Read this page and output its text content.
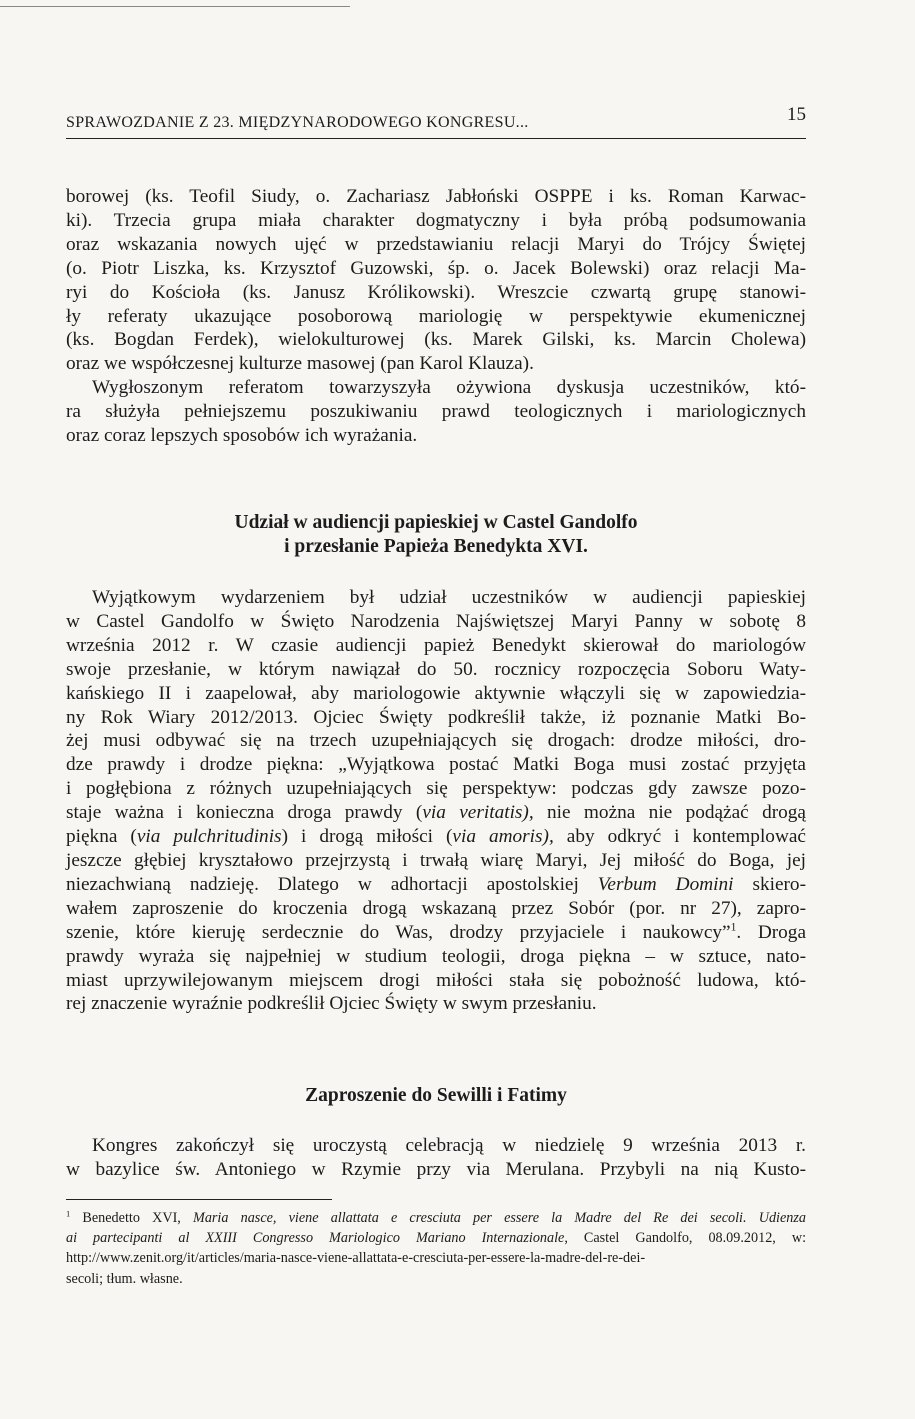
SPRAWOZDANIE Z 23. MIĘDZYNARODOWEGO KONGRESU...	15
borowej (ks. Teofil Siudy, o. Zachariasz Jabłoński OSPPE i ks. Roman Karwac-
ki). Trzecia grupa miała charakter dogmatyczny i była próbą podsumowania
oraz wskazania nowych ujęć w przedstawianiu relacji Maryi do Trójcy Świętej
(o. Piotr Liszka, ks. Krzysztof Guzowski, śp. o. Jacek Bolewski) oraz relacji Ma-
ryi do Kościoła (ks. Janusz Królikowski). Wreszcie czwartą grupę stanowi-
ły referaty ukazujące posoborową mariologię w perspektywie ekumenicznej
(ks. Bogdan Ferdek), wielokulturowej (ks. Marek Gilski, ks. Marcin Cholewa)
oraz we współczesnej kulturze masowej (pan Karol Klauza).
Wygłoszonym referatom towarzyszyła ożywiona dyskusja uczestników, któ-
ra służyła pełniejszemu poszukiwaniu prawd teologicznych i mariologicznych
oraz coraz lepszych sposobów ich wyrażania.
Udział w audiencji papieskiej w Castel Gandolfo
i przesłanie Papieża Benedykta XVI.
Wyjątkowym wydarzeniem był udział uczestników w audiencji papieskiej
w Castel Gandolfo w Święto Narodzenia Najświętszej Maryi Panny w sobotę 8
września 2012 r. W czasie audiencji papież Benedykt skierował do mariologów
swoje przesłanie, w którym nawiązał do 50. rocznicy rozpoczęcia Soboru Waty-
kańskiego II i zaapelował, aby mariologowie aktywnie włączyli się w zapowiedzia-
ny Rok Wiary 2012/2013. Ojciec Święty podkreślił także, iż poznanie Matki Bo-
żej musi odbywać się na trzech uzupełniających się drogach: drodze miłości, dro-
dze prawdy i drodze piękna: „Wyjątkowa postać Matki Boga musi zostać przyjęta
i pogłębiona z różnych uzupełniających się perspektyw: podczas gdy zawsze pozo-
staje ważna i konieczna droga prawdy (via veritatis), nie można nie podążać drogą
piękna (via pulchritudinis) i drogą miłości (via amoris), aby odkryć i kontemplować
jeszcze głębiej kryształowo przejrzystą i trwałą wiarę Maryi, Jej miłość do Boga, jej
niezachwianą nadzieję. Dlatego w adhortacji apostolskiej Verbum Domini skiero-
wałem zaproszenie do kroczenia drogą wskazaną przez Sobór (por. nr 27), zapro-
szenie, które kieruję serdecznie do Was, drodzy przyjaciele i naukowcy”$^1$. Droga
prawdy wyraża się najpełniej w studium teologii, droga piękna – w sztuce, nato-
miast uprzywilejowanym miejscem drogi miłości stała się pobożność ludowa, któ-
rej znaczenie wyraźnie podkreślił Ojciec Święty w swym przesłaniu.
Zaproszenie do Sewilli i Fatimy
Kongres zakończył się uroczystą celebracją w niedzielę 9 września 2013 r.
w bazylice św. Antoniego w Rzymie przy via Merulana. Przybyli na nią Kusto-
$^1$ Benedetto XVI, Maria nasce, viene allattata e cresciuta per essere la Madre del Re dei secoli. Udienza
ai partecipanti al XXIII Congresso Mariologico Mariano Internazionale, Castel Gandolfo, 08.09.2012, w:
http://www.zenit.org/it/articles/maria-nasce-viene-allattata-e-cresciuta-per-essere-la-madre-del-re-dei-
secoli; tłum. własne.
